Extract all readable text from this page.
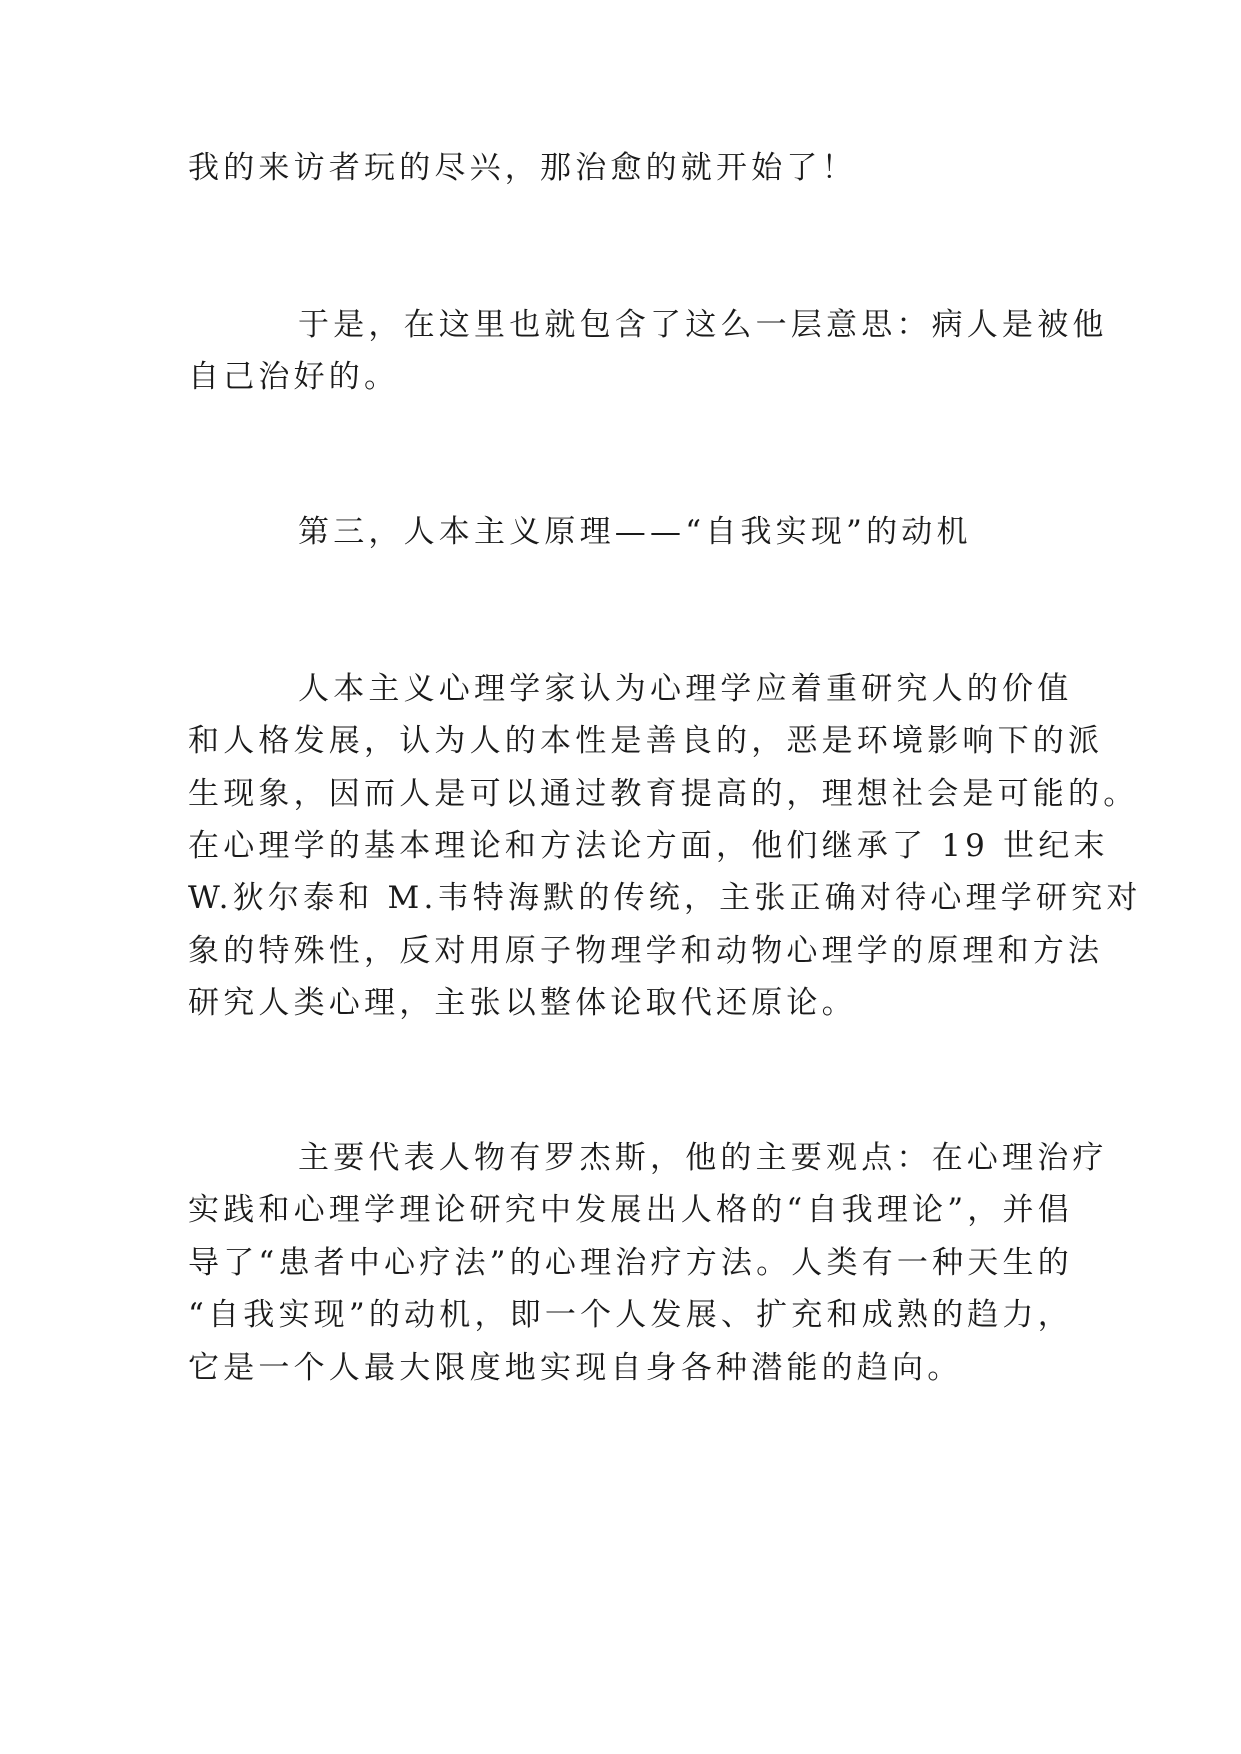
我的来访者玩的尽兴，那治愈的就开始了！
于是，在这里也就包含了这么一层意思：病人是被他
自己治好的。
第三，人本主义原理——“自我实现”的动机
人本主义心理学家认为心理学应着重研究人的价值
和人格发展，认为人的本性是善良的，恶是环境影响下的派
生现象，因而人是可以通过教育提高的，理想社会是可能的。
在心理学的基本理论和方法论方面，他们继承了 19 世纪末
W.狄尔泰和 M.韦特海默的传统，主张正确对待心理学研究对
象的特殊性，反对用原子物理学和动物心理学的原理和方法
研究人类心理，主张以整体论取代还原论。
主要代表人物有罗杰斯，他的主要观点：在心理治疗
实践和心理学理论研究中发展出人格的“自我理论”，并倡
导了“患者中心疗法”的心理治疗方法。人类有一种天生的
“自我实现”的动机，即一个人发展、扩充和成熟的趋力，
它是一个人最大限度地实现自身各种潜能的趋向。
